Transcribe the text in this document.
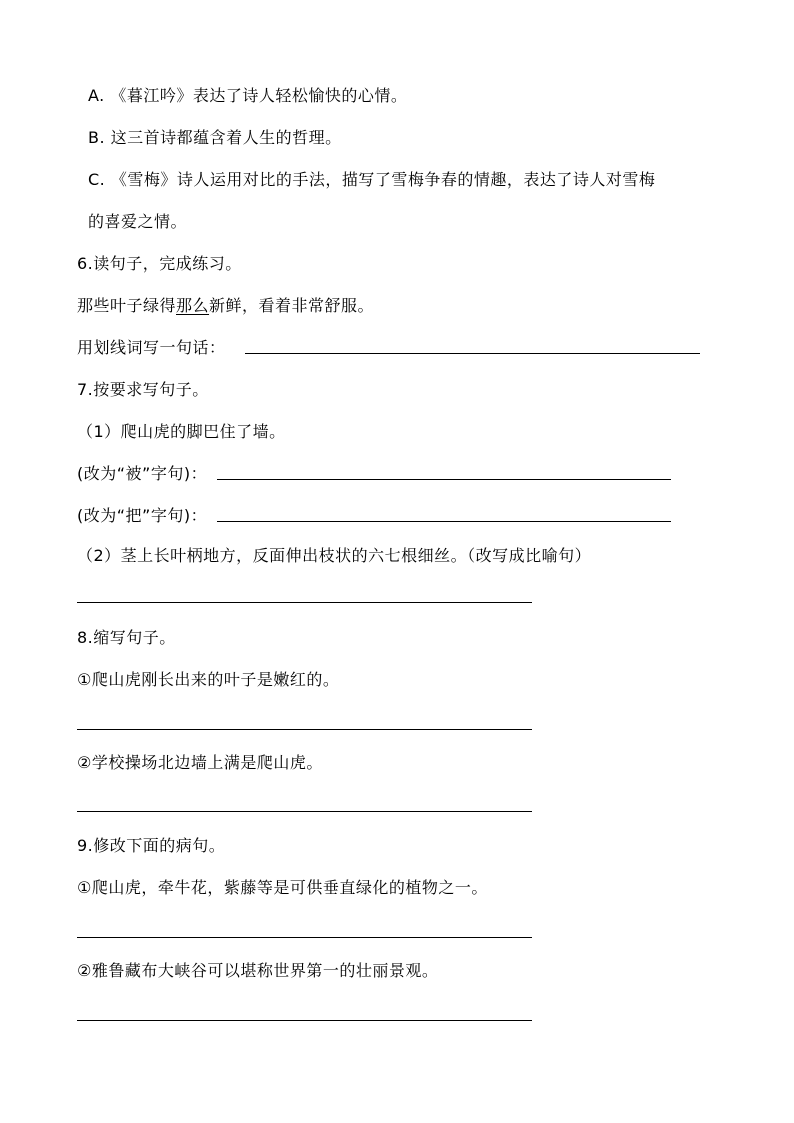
A. 《暮江吟》表达了诗人轻松愉快的心情。
B. 这三首诗都蕴含着人生的哲理。
C. 《雪梅》诗人运用对比的手法，描写了雪梅争春的情趣，表达了诗人对雪梅
的喜爱之情。
6.读句子，完成练习。
那些叶子绿得那么新鲜，看着非常舒服。
用划线词写一句话：
7.按要求写句子。
（1）爬山虎的脚巴住了墙。
(改为“被”字句)：
(改为“把”字句)：
（2）茎上长叶柄地方，反面伸出枝状的六七根细丝。（改写成比喻句）
8.缩写句子。
①爬山虎刚长出来的叶子是嫩红的。
②学校操场北边墙上满是爬山虎。
9.修改下面的病句。
①爬山虎，牵牛花，紫藤等是可供垂直绿化的植物之一。
②雅鲁藏布大峡谷可以堪称世界第一的壮丽景观。
